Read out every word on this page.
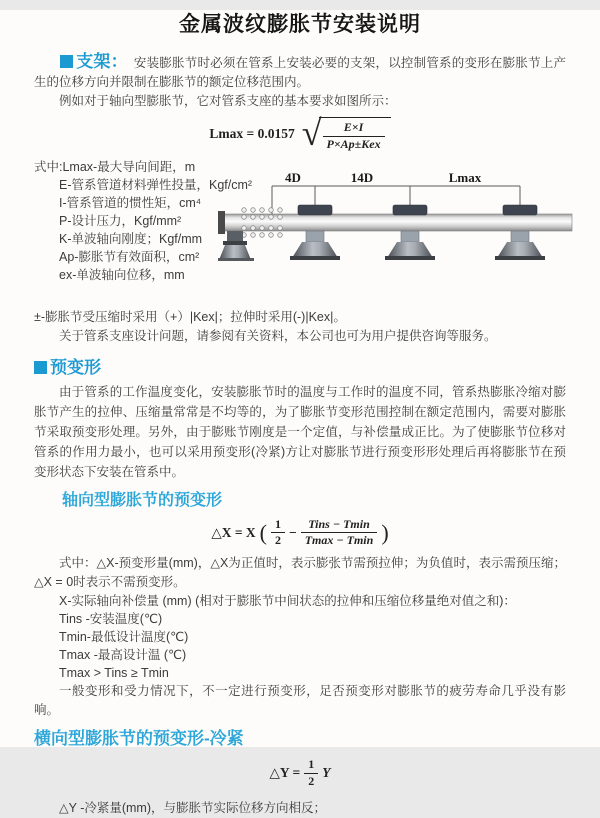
金属波纹膨胀节安装说明

支架： 安装膨胀节时必须在管系上安装必要的支架，以控制管系的变形在膨胀节上产生的位移方向并限制在膨胀节的额定位移范围内。

例如对于轴向型膨胀节，它对管系支座的基本要求如图所示：

Lmax = 0.0157 √ $\frac{E\times I}{\text{P×Ap±Kex}}$

式中:Lmax-最大导向间距，m

E-管系管道材料弹性投量，Kgf/cm²

I-管系管道的惯性矩，cm⁴

P-设计压力，Kgf/mm²

K-单波轴向刚度；Kgf/mm

Ap-膨胀节有效面积，cm²

ex-单波轴向位移，mm

4D	14D	Lmax

±-膨胀节受压缩时采用（+）|Kex|；拉伸时采用(-)|Kex|。

关于管系支座设计问题，请参阅有关资料，本公司也可为用户提供咨询等服务。

预变形

由于管系的工作温度变化，安装膨胀节时的温度与工作时的温度不同，管系热膨胀冷缩对膨胀节产生的拉伸、压缩量常常是不均等的，为了膨胀节变形范围控制在额定范围内，需要对膨胀节采取预变形处理。另外，由于膨账节刚度是一个定值，与补偿量成正比。为了使膨胀节位移对管系的作用力最小，也可以采用预变形(冷紧)方让对膨胀节进行预变形形处理后再将膨胀节在预变形状态下安装在管系中。

轴向型膨胀节的预变形
△X = X ( $\frac{1}{2} - \frac{\text{Tins − Tmin}}{Tmax - Tmin}$ )

式中：△X-预变形量(mm)，△X为正值时，表示膨张节需预拉伸；为负值时，表示需预压缩；△X = 0时表示不需预变形。

X-实际轴向补偿量 (mm) (相对于膨胀节中间状态的拉伸和压缩位移量绝对值之和)：

Tins -安装温度(℃)

Tmin-最低设计温度(℃)

Tmax -最高设计温 (℃)

Tmax > Tins ≥ Tmin

一般变形和受力情况下，不一定进行预变形，足否预变形对膨胀节的疲劳寿命几乎没有影响。

横向型膨胀节的预变形-冷紧
△Y = $\frac{1}{2}$ Y

△Y -冷紧量(mm)，与膨胀节实际位移方向相反；
